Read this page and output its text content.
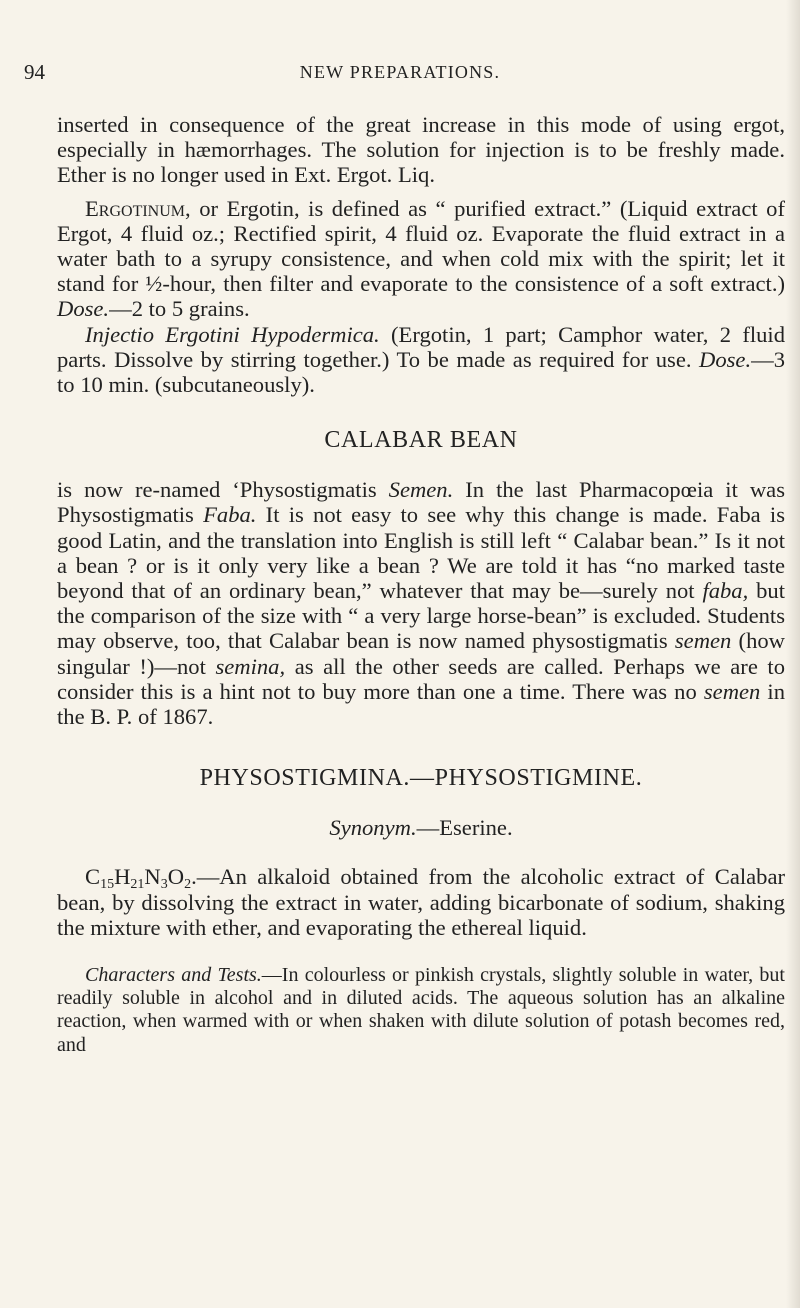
94	NEW PREPARATIONS.

inserted in consequence of the great increase in this mode of using ergot, especially in hæmorrhages. The solution for injection is to be freshly made. Ether is no longer used in Ext. Ergot. Liq.

Ergotinum, or Ergotin, is defined as “ purified extract.” (Liquid extract of Ergot, 4 fluid oz.; Rectified spirit, 4 fluid oz. Evaporate the fluid extract in a water bath to a syrupy consistence, and when cold mix with the spirit; let it stand for ½-hour, then filter and evaporate to the consistence of a soft extract.) Dose.—2 to 5 grains.

Injectio Ergotini Hypodermica. (Ergotin, 1 part; Camphor water, 2 fluid parts. Dissolve by stirring together.) To be made as required for use. Dose.—3 to 10 min. (subcutaneously).

CALABAR BEAN

is now re-named ‘Physostigmatis Semen. In the last Pharmacopœia it was Physostigmatis Faba. It is not easy to see why this change is made. Faba is good Latin, and the translation into English is still left “ Calabar bean.” Is it not a bean ? or is it only very like a bean ? We are told it has “no marked taste beyond that of an ordinary bean,” whatever that may be—surely not faba, but the comparison of the size with “ a very large horse-bean” is excluded. Students may observe, too, that Calabar bean is now named physostigmatis semen (how singular !)—not semina, as all the other seeds are called. Perhaps we are to consider this is a hint not to buy more than one a time. There was no semen in the B. P. of 1867.

PHYSOSTIGMINA.—PHYSOSTIGMINE.

Synonym.—Eserine.

$C_{15}H_{21}N_3O_2.—An$ alkaloid obtained from the alcoholic extract of Calabar bean, by dissolving the extract in water, adding bicarbonate of sodium, shaking the mixture with ether, and evaporating the ethereal liquid.

Characters and Tests.—In colourless or pinkish crystals, slightly soluble in water, but readily soluble in alcohol and in diluted acids. The aqueous solution has an alkaline reaction, when warmed with or when shaken with dilute solution of potash becomes red, and
